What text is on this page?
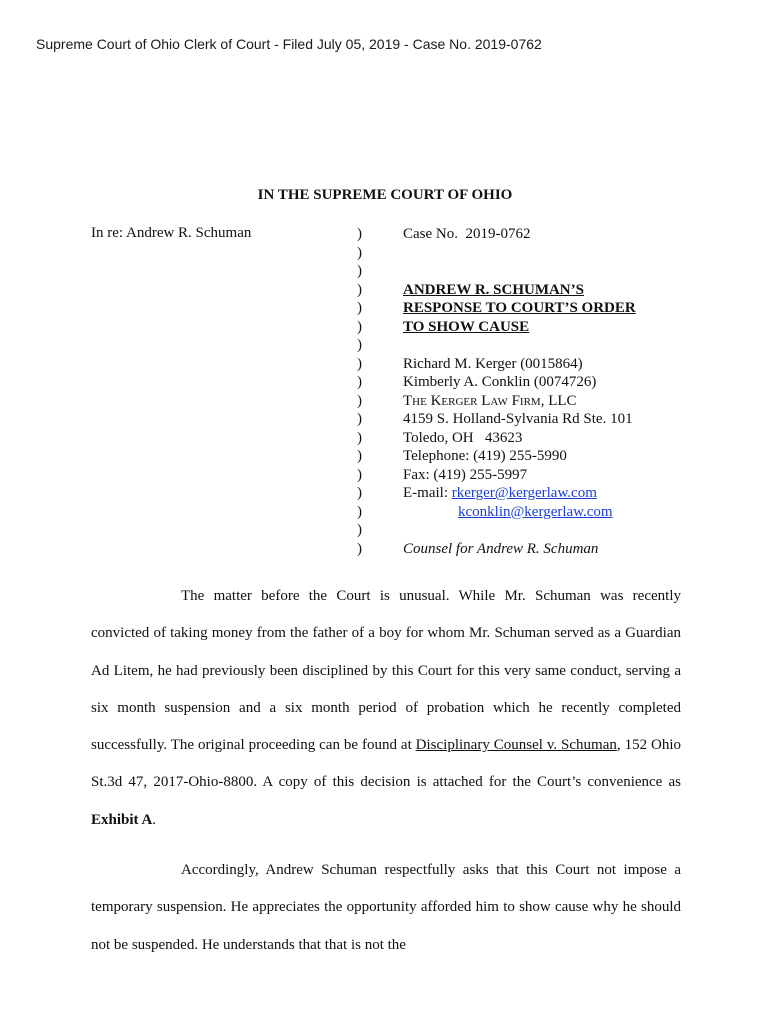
Supreme Court of Ohio Clerk of Court - Filed July 05, 2019 - Case No. 2019-0762
IN THE SUPREME COURT OF OHIO
In re: Andrew R. Schuman	)
)
)
)
)
)
)
)
)
)
)
)
)
)
)
)
)
)
Case No. 2019-0762
ANDREW R. SCHUMAN’S
RESPONSE TO COURT’S ORDER
TO SHOW CAUSE
Richard M. Kerger (0015864)
Kimberly A. Conklin (0074726)
The Kerger Law Firm, LLC
4159 S. Holland-Sylvania Rd Ste. 101
Toledo, OH   43623
Telephone: (419) 255-5990
Fax: (419) 255-5997
E-mail: rkerger@kergerlaw.com
kconklin@kergerlaw.com
Counsel for Andrew R. Schuman

The matter before the Court is unusual. While Mr. Schuman was recently convicted of taking money from the father of a boy for whom Mr. Schuman served as a Guardian Ad Litem, he had previously been disciplined by this Court for this very same conduct, serving a six month suspension and a six month period of probation which he recently completed successfully. The original proceeding can be found at Disciplinary Counsel v. Schuman, 152 Ohio St.3d 47, 2017-Ohio-8800. A copy of this decision is attached for the Court’s convenience as Exhibit A.

Accordingly, Andrew Schuman respectfully asks that this Court not impose a temporary suspension. He appreciates the opportunity afforded him to show cause why he should not be suspended. He understands that that is not the
